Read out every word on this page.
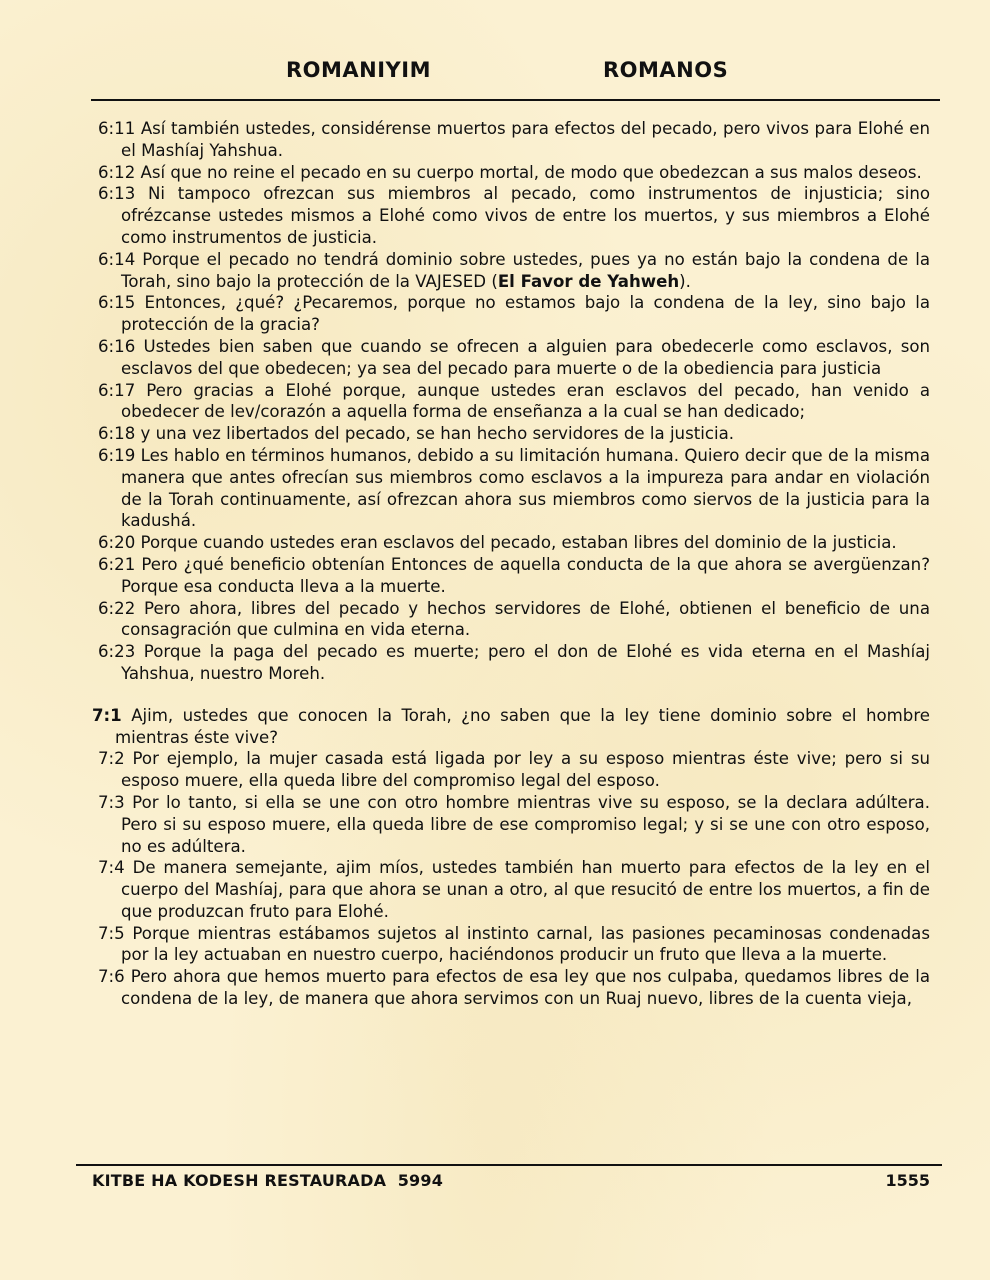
ROMANIYIM	ROMANOS
6:11 Así también ustedes, considérense muertos para efectos del pecado, pero vivos para Elohé en el Mashíaj Yahshua.
6:12 Así que no reine el pecado en su cuerpo mortal, de modo que obedezcan a sus malos deseos.
6:13 Ni tampoco ofrezcan sus miembros al pecado, como instrumentos de injusticia; sino ofrézcanse ustedes mismos a Elohé como vivos de entre los muertos, y sus miembros a Elohé como instrumentos de justicia.
6:14 Porque el pecado no tendrá dominio sobre ustedes, pues ya no están bajo la condena de la Torah, sino bajo la protección de la VAJESED (El Favor de Yahweh).
6:15 Entonces, ¿qué? ¿Pecaremos, porque no estamos bajo la condena de la ley, sino bajo la protección de la gracia?
6:16 Ustedes bien saben que cuando se ofrecen a alguien para obedecerle como esclavos, son esclavos del que obedecen; ya sea del pecado para muerte o de la obediencia para justicia
6:17 Pero gracias a Elohé porque, aunque ustedes eran esclavos del pecado, han venido a obedecer de lev/corazón a aquella forma de enseñanza a la cual se han dedicado;
6:18 y una vez libertados del pecado, se han hecho servidores de la justicia.
6:19 Les hablo en términos humanos, debido a su limitación humana. Quiero decir que de la misma manera que antes ofrecían sus miembros como esclavos a la impureza para andar en violación de la Torah continuamente, así ofrezcan ahora sus miembros como siervos de la justicia para la kadushá.
6:20 Porque cuando ustedes eran esclavos del pecado, estaban libres del dominio de la justicia.
6:21 Pero ¿qué beneficio obtenían Entonces de aquella conducta de la que ahora se avergüenzan? Porque esa conducta lleva a la muerte.
6:22 Pero ahora, libres del pecado y hechos servidores de Elohé, obtienen el beneficio de una consagración que culmina en vida eterna.
6:23 Porque la paga del pecado es muerte; pero el don de Elohé es vida eterna en el Mashíaj Yahshua, nuestro Moreh.
7:1 Ajim, ustedes que conocen la Torah, ¿no saben que la ley tiene dominio sobre el hombre mientras éste vive?
7:2 Por ejemplo, la mujer casada está ligada por ley a su esposo mientras éste vive; pero si su esposo muere, ella queda libre del compromiso legal del esposo.
7:3 Por lo tanto, si ella se une con otro hombre mientras vive su esposo, se la declara adúltera. Pero si su esposo muere, ella queda libre de ese compromiso legal; y si se une con otro esposo, no es adúltera.
7:4 De manera semejante, ajim míos, ustedes también han muerto para efectos de la ley en el cuerpo del Mashíaj, para que ahora se unan a otro, al que resucitó de entre los muertos, a fin de que produzcan fruto para Elohé.
7:5 Porque mientras estábamos sujetos al instinto carnal, las pasiones pecaminosas condenadas por la ley actuaban en nuestro cuerpo, haciéndonos producir un fruto que lleva a la muerte.
7:6 Pero ahora que hemos muerto para efectos de esa ley que nos culpaba, quedamos libres de la condena de la ley, de manera que ahora servimos con un Ruaj nuevo, libres de la cuenta vieja,
KITBE HA KODESH RESTAURADA  5994	1555
